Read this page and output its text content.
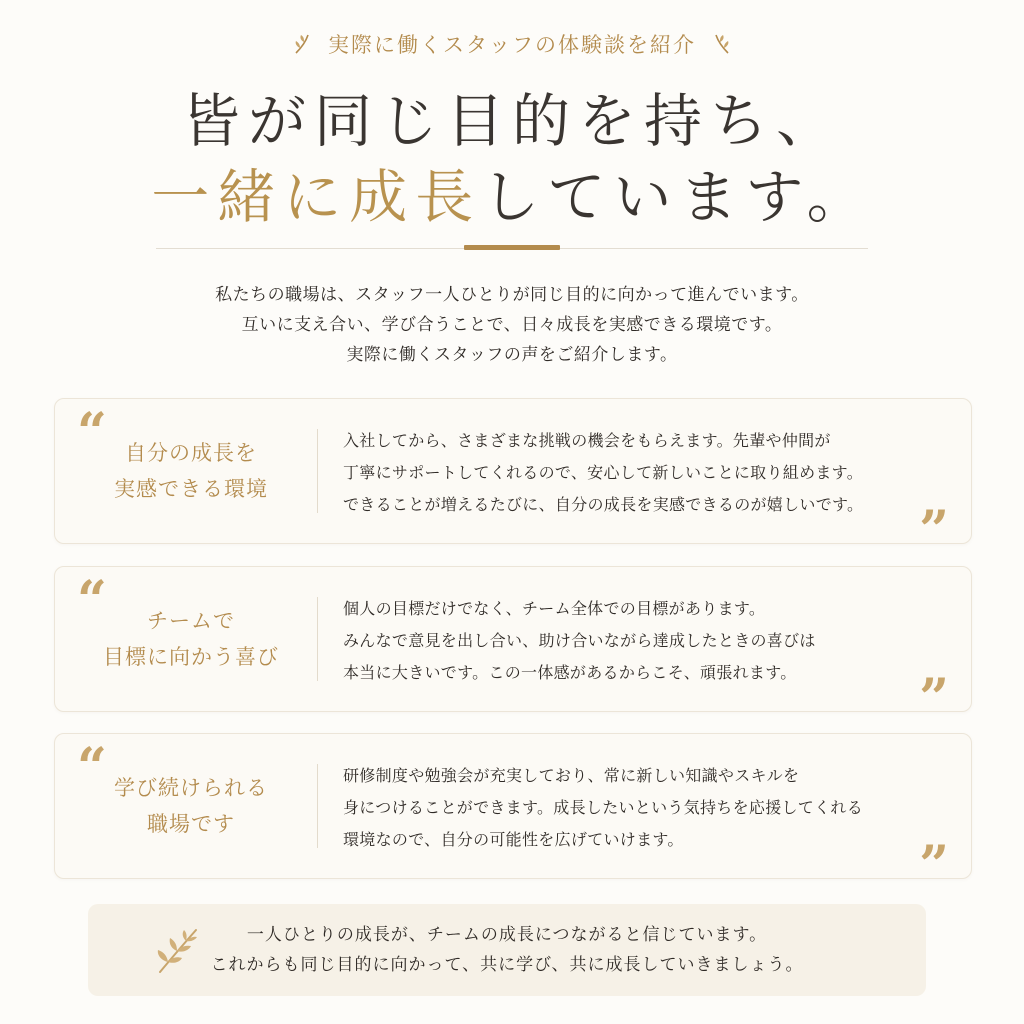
実際に働くスタッフの体験談を紹介
皆が同じ目的を持ち、
一緒に成長しています。
私たちの職場は、スタッフ一人ひとりが同じ目的に向かって進んでいます。
互いに支え合い、学び合うことで、日々成長を実感できる環境です。
実際に働くスタッフの声をご紹介します。
“ 自分の成長を
実感できる環境
入社してから、さまざまな挑戦の機会をもらえます。先輩や仲間が
丁寧にサポートしてくれるので、安心して新しいことに取り組めます。
できることが増えるたびに、自分の成長を実感できるのが嬉しいです。	”
“ チームで
目標に向かう喜び
個人の目標だけでなく、チーム全体での目標があります。
みんなで意見を出し合い、助け合いながら達成したときの喜びは
本当に大きいです。この一体感があるからこそ、頑張れます。	”
“ 学び続けられる
職場です
研修制度や勉強会が充実しており、常に新しい知識やスキルを
身につけることができます。成長したいという気持ちを応援してくれる
環境なので、自分の可能性を広げていけます。	”
一人ひとりの成長が、チームの成長につながると信じています。
これからも同じ目的に向かって、共に学び、共に成長していきましょう。
